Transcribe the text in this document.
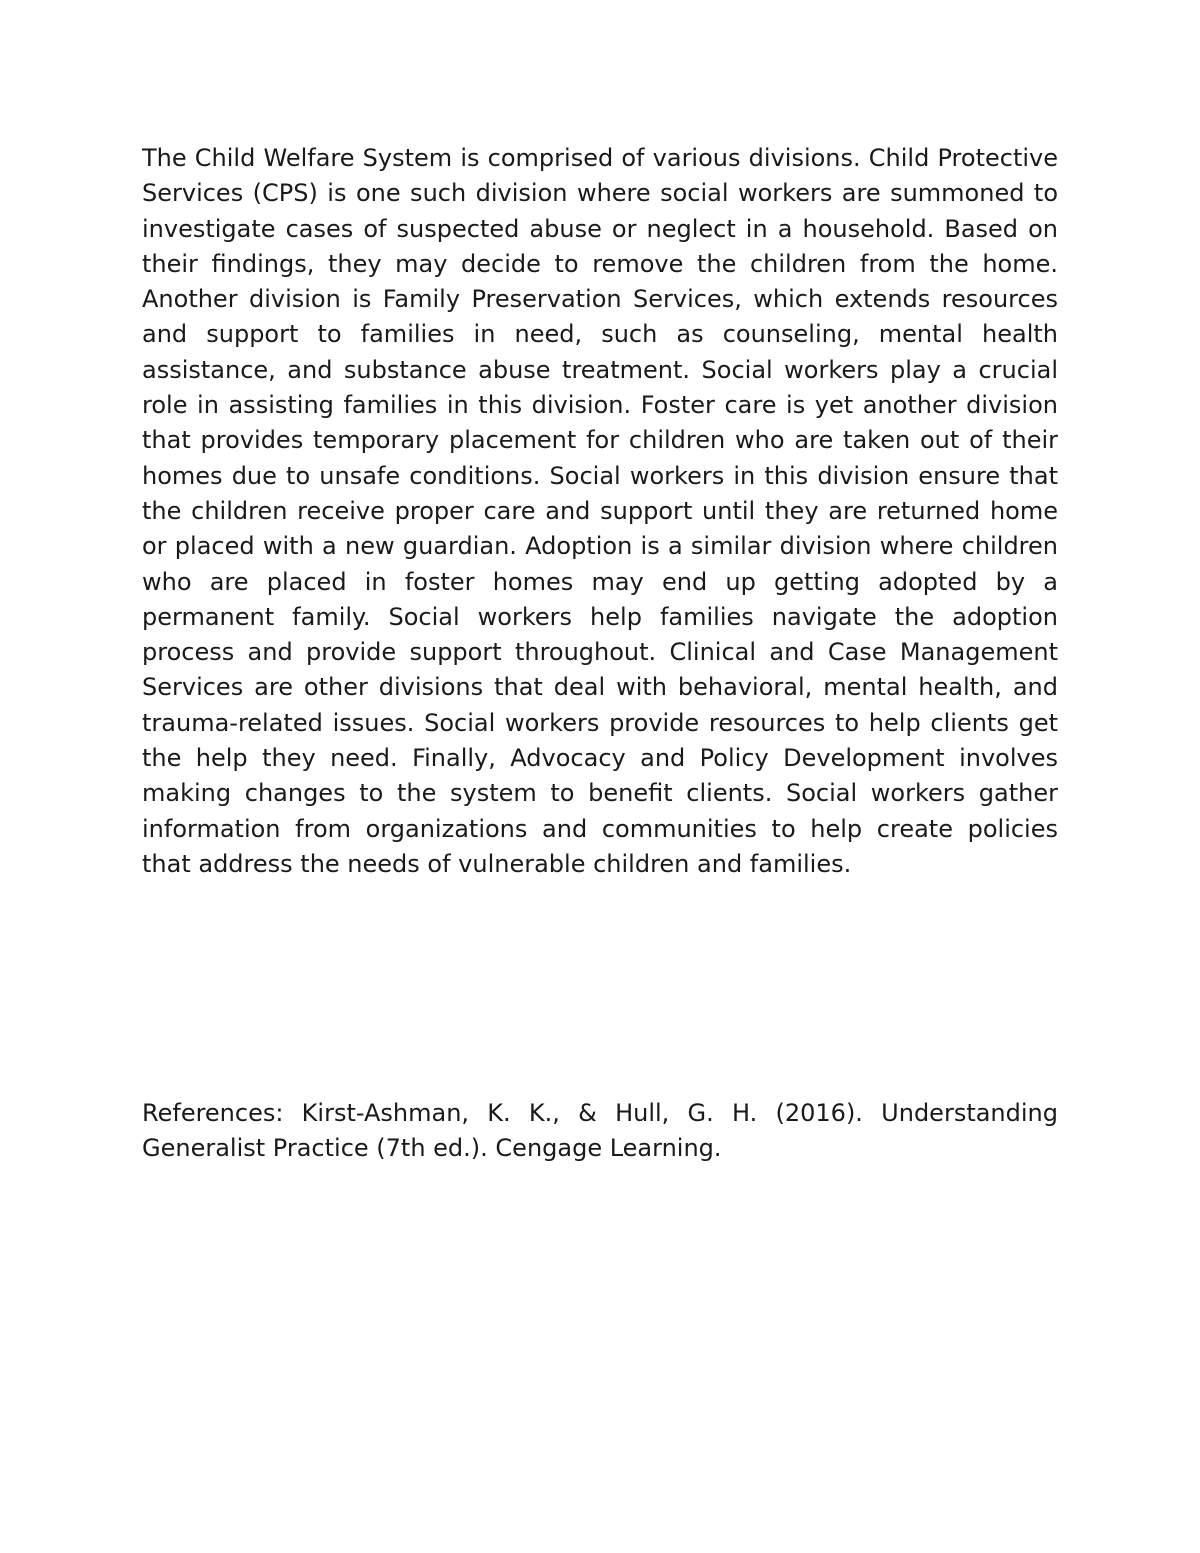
The Child Welfare System is comprised of various divisions. Child Protective Services (CPS) is one such division where social workers are summoned to investigate cases of suspected abuse or neglect in a household. Based on their findings, they may decide to remove the children from the home. Another division is Family Preservation Services, which extends resources and support to families in need, such as counseling, mental health assistance, and substance abuse treatment. Social workers play a crucial role in assisting families in this division. Foster care is yet another division that provides temporary placement for children who are taken out of their homes due to unsafe conditions. Social workers in this division ensure that the children receive proper care and support until they are returned home or placed with a new guardian. Adoption is a similar division where children who are placed in foster homes may end up getting adopted by a permanent family. Social workers help families navigate the adoption process and provide support throughout. Clinical and Case Management Services are other divisions that deal with behavioral, mental health, and trauma-related issues. Social workers provide resources to help clients get the help they need. Finally, Advocacy and Policy Development involves making changes to the system to benefit clients. Social workers gather information from organizations and communities to help create policies that address the needs of vulnerable children and families.

References: Kirst-Ashman, K. K., & Hull, G. H. (2016). Understanding Generalist Practice (7th ed.). Cengage Learning.
